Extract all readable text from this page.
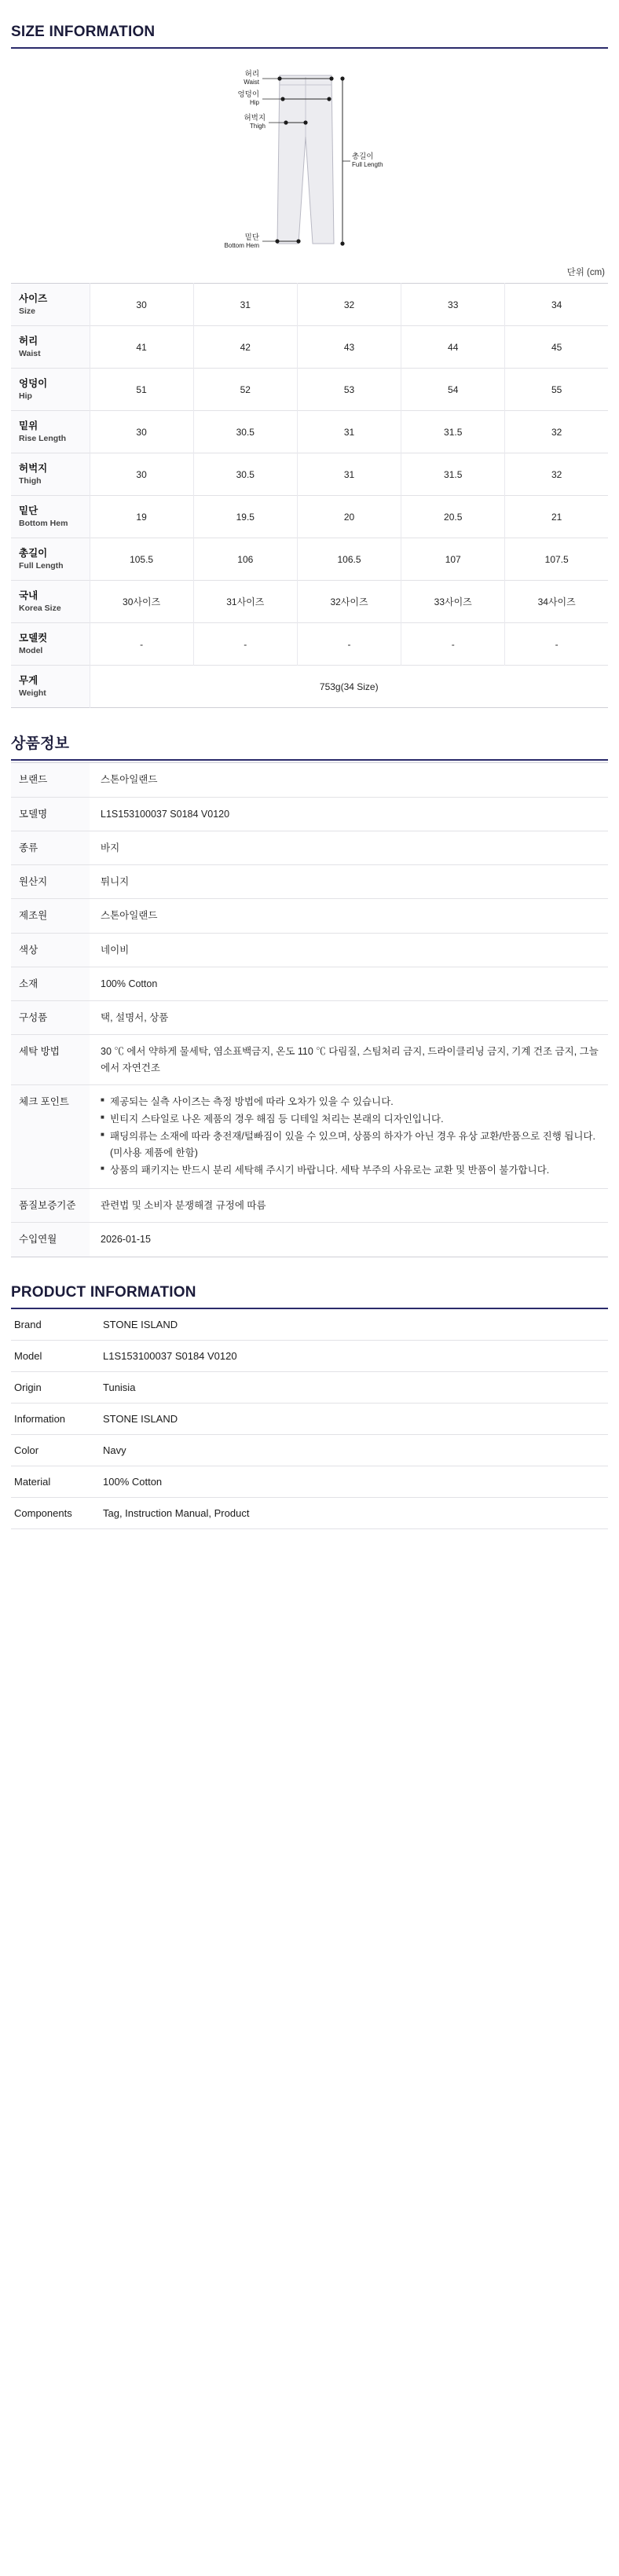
SIZE INFORMATION
허리
Waist
엉덩이
Hip
허벅지
Thigh
밑단
Bottom Hem
총길이
Full Length
단위 (cm)
사이즈
Size	30	31	32	33	34

허리
Waist	41	42	43	44	45

엉덩이
Hip	51	52	53	54	55

밑위
Rise Length	30	30.5	31	31.5	32

허벅지
Thigh	30	30.5	31	31.5	32

밑단
Bottom Hem	19	19.5	20	20.5	21

총길이
Full Length	105.5	106	106.5	107	107.5

국내
Korea Size	30사이즈	31사이즈	32사이즈	33사이즈	34사이즈

모델컷
Model	-	-	-	-	-

무게
Weight	753g(34 Size)				
상품정보
브랜드	스톤아일랜드
모델명	L1S153100037 S0184 V0120
종류	바지
원산지	튀니지
제조원	스톤아일랜드
색상	네이비
소재	100% Cotton
구성품	택, 설명서, 상품
세탁 방법	30 ℃ 에서 약하게 물세탁, 염소표백금지, 온도 110 ℃ 다림질, 스팀처리 금지, 드라이클리닝 금지, 기계 건조 금지, 그늘에서 자연건조
체크 포인트	
■제공되는 실측 사이즈는 측정 방법에 따라 오차가 있을 수 있습니다.
■ 빈티지 스타일로 나온 제품의 경우 해짐 등 디테일 처리는 본래의 디자인입니다.
■ 패딩의류는 소재에 따라 충전재/털빠짐이 있을 수 있으며, 상품의 하자가 아닌 경우 유상 교환/반품으로 진행 됩니다.(미사용 제품에 한함)
■ 상품의 패키지는 반드시 분리 세탁해 주시기 바랍니다. 세탁 부주의 사유로는 교환 및 반품이 불가합니다.

품질보증기준	관련법 및 소비자 분쟁해결 규정에 따름
수입연월	2026-01-15
PRODUCT INFORMATION
Brand	STONE ISLAND
Model	L1S153100037 S0184 V0120
Origin	Tunisia
Information	STONE ISLAND
Color	Navy
Material	100% Cotton
Components	Tag, Instruction Manual, Product
